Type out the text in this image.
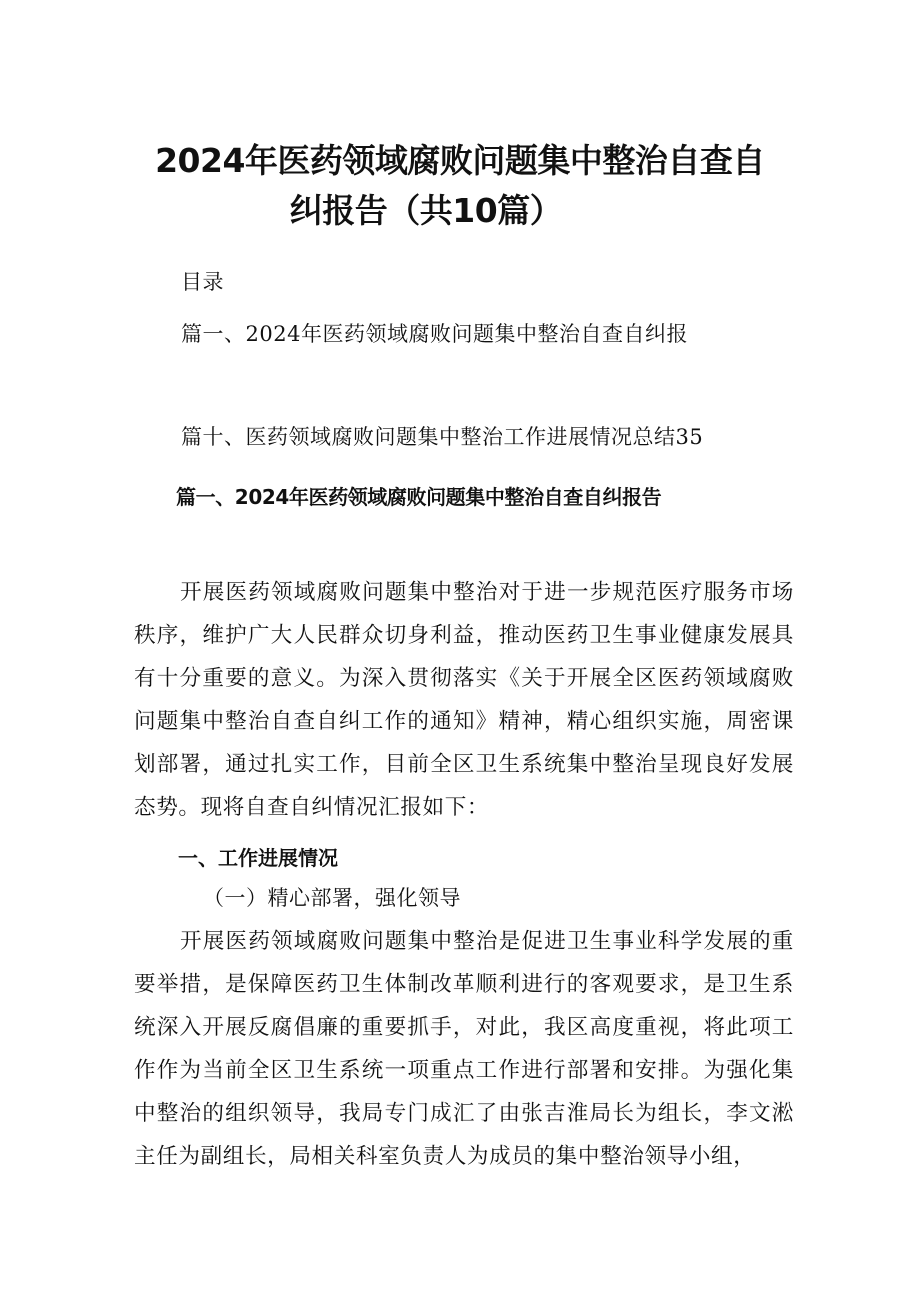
2024年医药领域腐败问题集中整治自查自
纠报告（共10篇）
目录
篇一、2024年医药领域腐败问题集中整治自查自纠报
篇十、医药领域腐败问题集中整治工作进展情况总结35
篇一、2024年医药领域腐败问题集中整治自查自纠报告

开展医药领域腐败问题集中整治对于进一步规范医疗服务市场秩序，维护广大人民群众切身利益，推动医药卫生事业健康发展具有十分重要的意义。为深入贯彻落实《关于开展全区医药领域腐败问题集中整治自查自纠工作的通知》精神，精心组织实施，周密课划部署，通过扎实工作，目前全区卫生系统集中整治呈现良好发展态势。现将自查自纠情况汇报如下：

一、工作进展情况
（一）精心部署，强化领导

开展医药领域腐败问题集中整治是促进卫生事业科学发展的重要举措，是保障医药卫生体制改革顺利进行的客观要求，是卫生系统深入开展反腐倡廉的重要抓手，对此，我区高度重视，将此项工作作为当前全区卫生系统一项重点工作进行部署和安排。为强化集中整治的组织领导，我局专门成汇了由张吉淮局长为组长，李文淞主任为副组长，局相关科室负责人为成员的集中整治领导小组，
